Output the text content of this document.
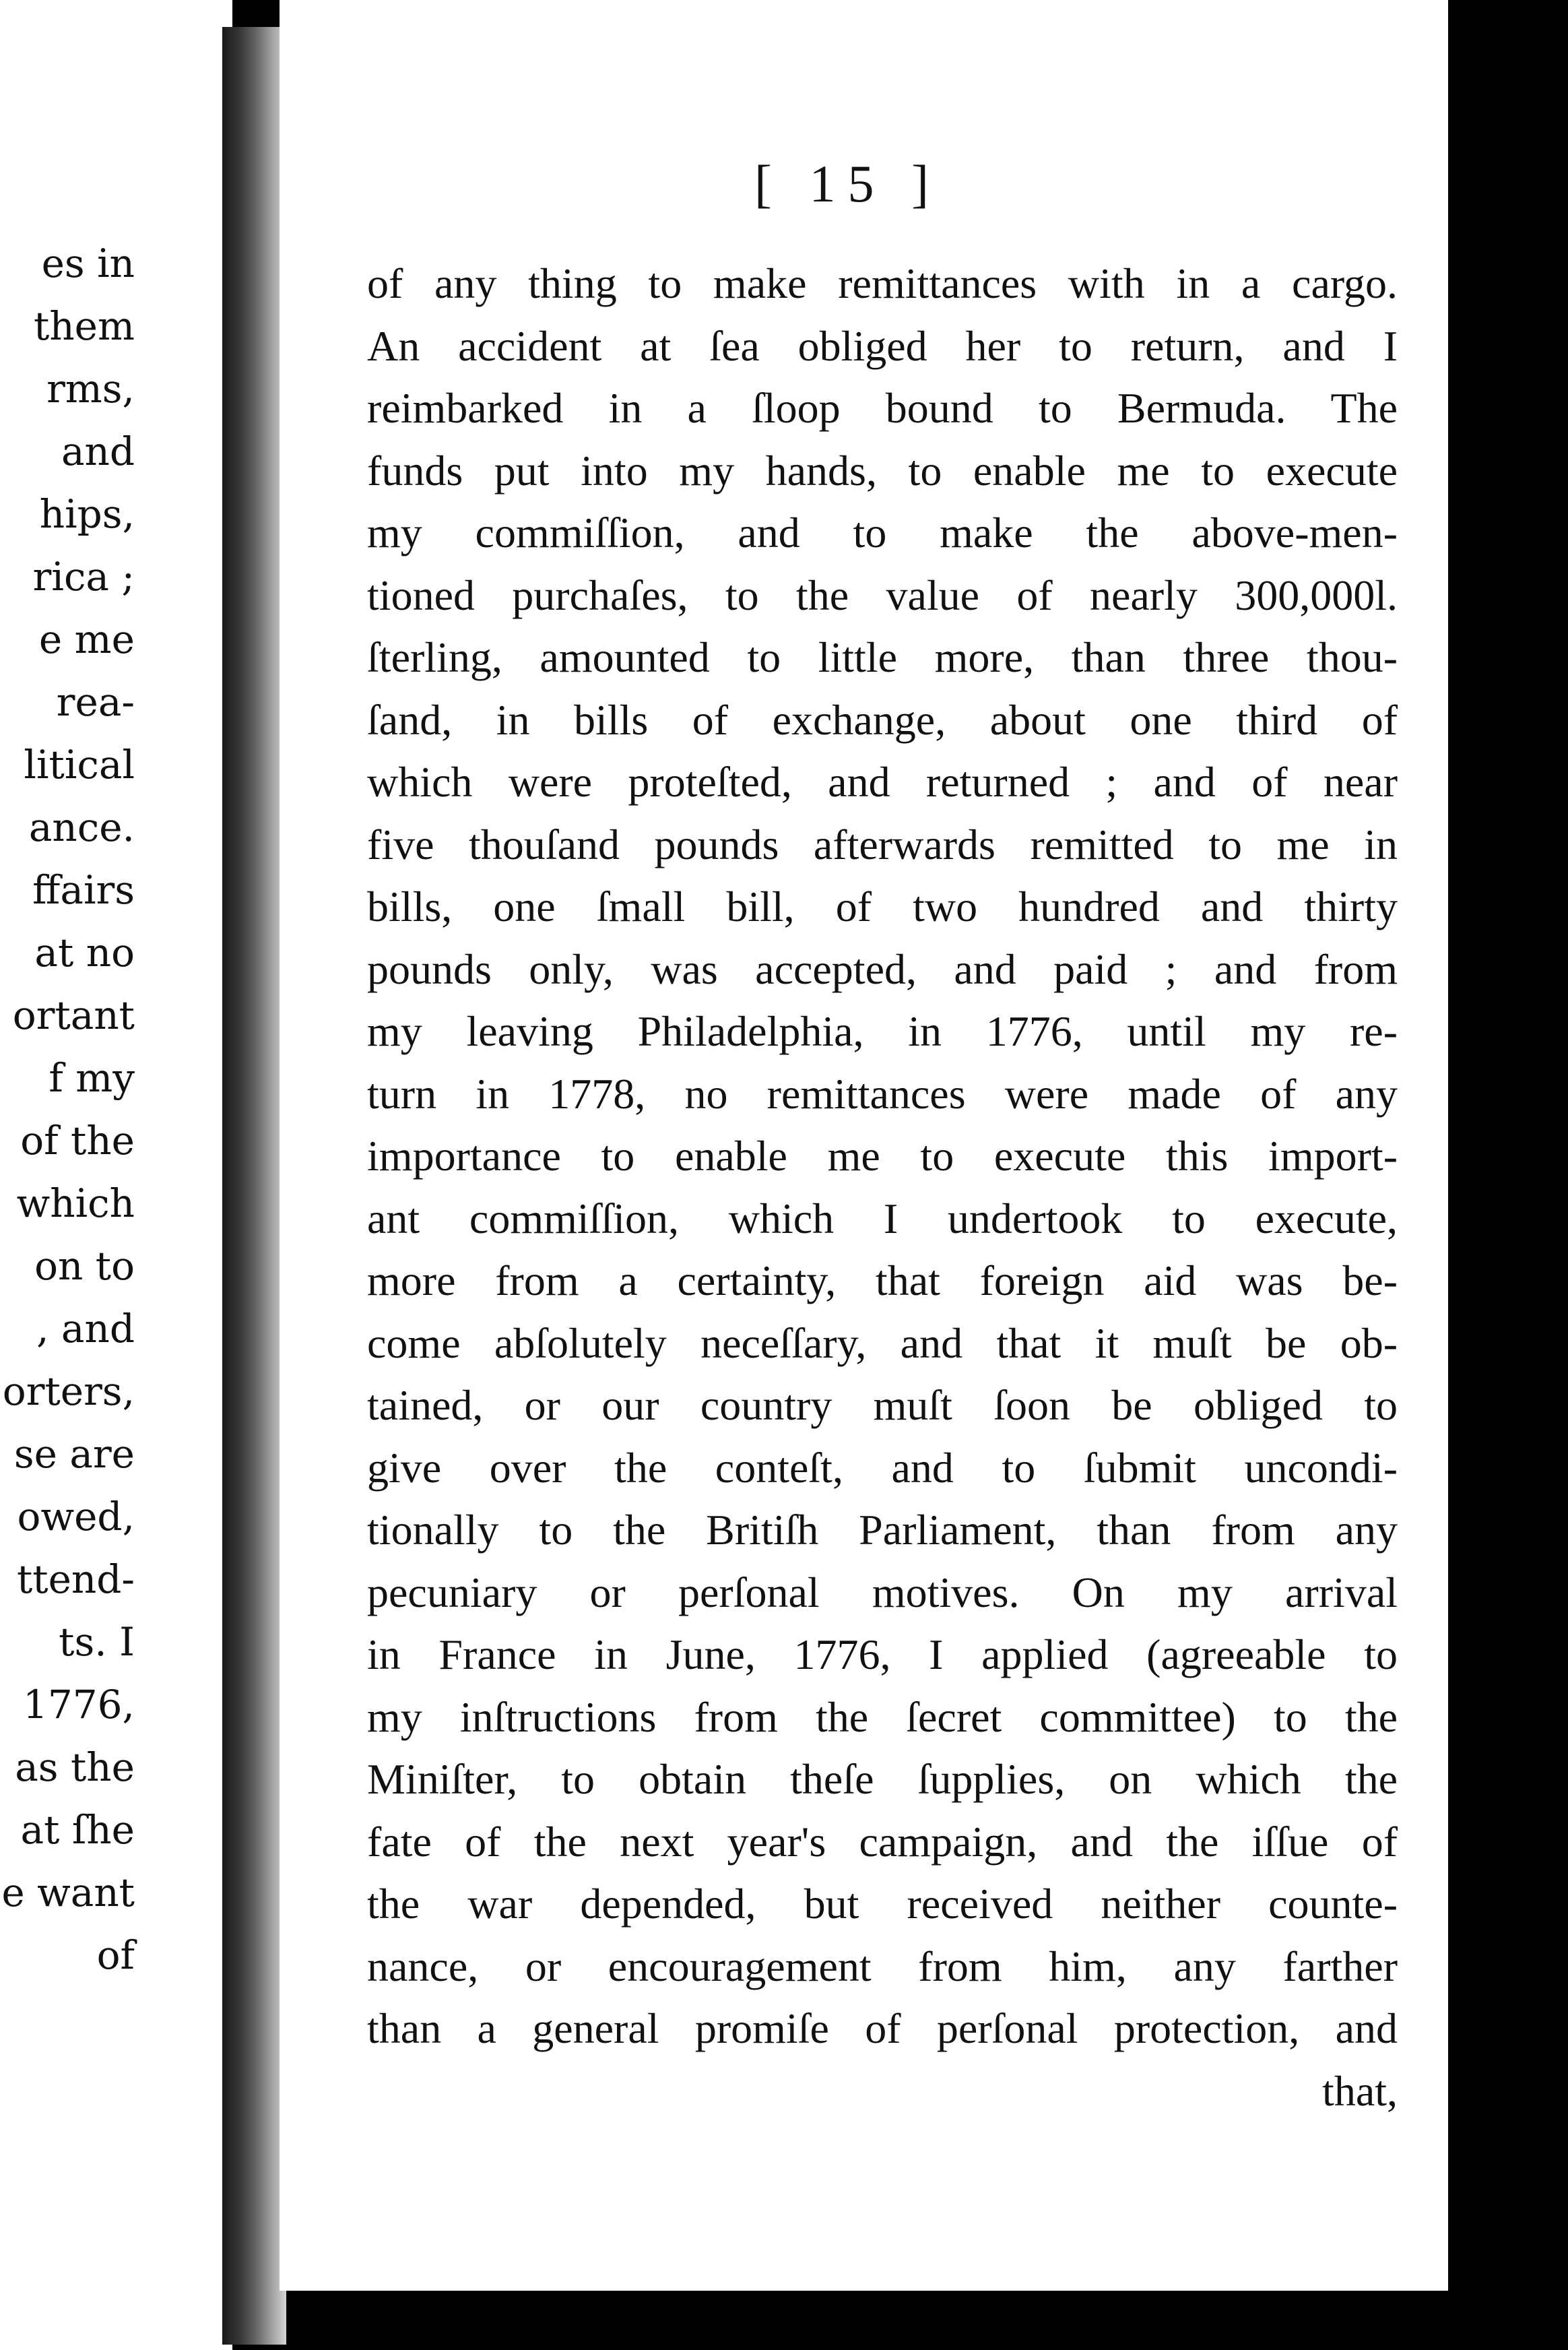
es in
them
rms,
and
hips,
rica ;
e me
rea-
litical
ance.
ffairs
at no
ortant
f my
of the
which
on to
, and
orters,
se are
owed,
ttend-
ts. I
1776,
as the
at ſhe
e want
of
[ 15 ]
of any thing to make remittances with in a cargo.
An accident at ſea obliged her to return, and I
reimbarked in a ſloop bound to Bermuda. The
funds put into my hands, to enable me to execute
my commiſſion, and to make the above-men-
tioned purchaſes, to the value of nearly 300,000l.
ſterling, amounted to little more, than three thou-
ſand, in bills of exchange, about one third of
which were proteſted, and returned ; and of near
five thouſand pounds afterwards remitted to me in
bills, one ſmall bill, of two hundred and thirty
pounds only, was accepted, and paid ; and from
my leaving Philadelphia, in 1776, until my re-
turn in 1778, no remittances were made of any
importance to enable me to execute this import-
ant commiſſion, which I undertook to execute,
more from a certainty, that foreign aid was be-
come abſolutely neceſſary, and that it muſt be ob-
tained, or our country muſt ſoon be obliged to
give over the conteſt, and to ſubmit uncondi-
tionally to the Britiſh Parliament, than from any
pecuniary or perſonal motives. On my arrival
in France in June, 1776, I applied (agreeable to
my inſtructions from the ſecret committee) to the
Miniſter, to obtain theſe ſupplies, on which the
fate of the next year's campaign, and the iſſue of
the war depended, but received neither counte-
nance, or encouragement from him, any farther
than a general promiſe of perſonal protection, and
that,
